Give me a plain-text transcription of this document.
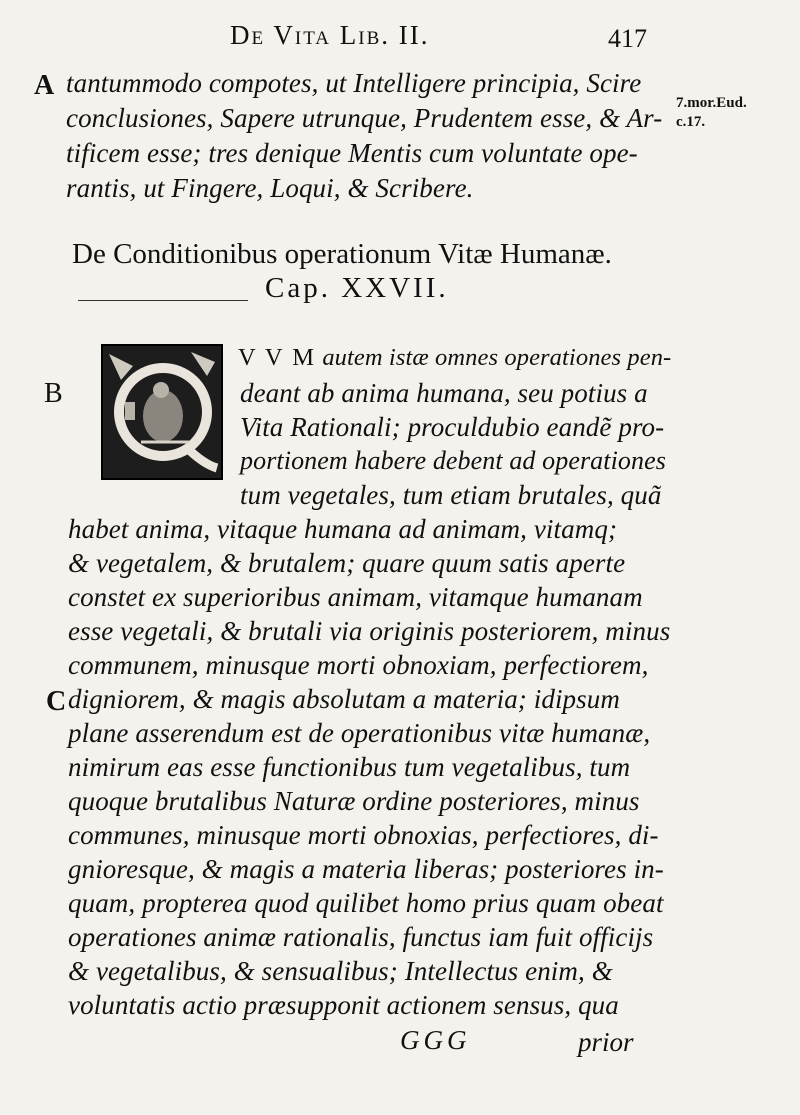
De Vita Lib. II.	417
A
B
C
7.mor.Eud.
c.17.
tantummodo compotes, ut Intelligere principia, Scire
conclusiones, Sapere utrunque, Prudentem esse, & Ar-
tificem esse; tres denique Mentis cum voluntate ope-
rantis, ut Fingere, Loqui, & Scribere.
De Conditionibus operationum Vitæ Humanæ.
Cap. XXVII.
V V M autem istæ omnes operationes pen-
deant ab anima humana, seu potius a
Vita Rationali; proculdubio eandẽ pro-
portionem habere debent ad operationes
tum vegetales, tum etiam brutales, quã
habet anima, vitaque humana ad animam, vitamq;
& vegetalem, & brutalem; quare quum satis aperte
constet ex superioribus animam, vitamque humanam
esse vegetali, & brutali via originis posteriorem, minus
communem, minusque morti obnoxiam, perfectiorem,
digniorem, & magis absolutam a materia; idipsum
plane asserendum est de operationibus vitæ humanæ,
nimirum eas esse functionibus tum vegetalibus, tum
quoque brutalibus Naturæ ordine posteriores, minus
communes, minusque morti obnoxias, perfectiores, di-
gnioresque, & magis a materia liberas; posteriores in-
quam, propterea quod quilibet homo prius quam obeat
operationes animæ rationalis, functus iam fuit officijs
& vegetalibus, & sensualibus; Intellectus enim, &
voluntatis actio præsupponit actionem sensus, qua
GGG	prior
